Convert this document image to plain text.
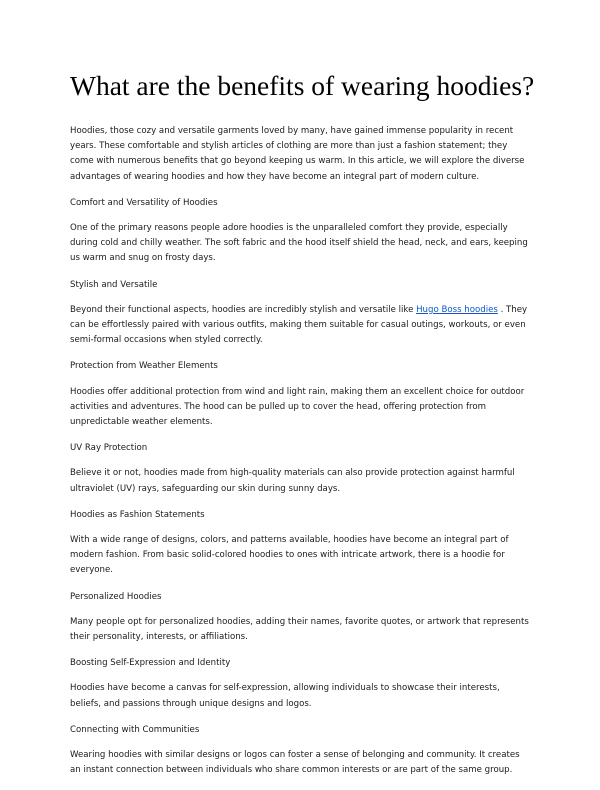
What are the benefits of wearing hoodies?

Hoodies, those cozy and versatile garments loved by many, have gained immense popularity in recent years. These comfortable and stylish articles of clothing are more than just a fashion statement; they come with numerous benefits that go beyond keeping us warm. In this article, we will explore the diverse advantages of wearing hoodies and how they have become an integral part of modern culture.

Comfort and Versatility of Hoodies

One of the primary reasons people adore hoodies is the unparalleled comfort they provide, especially during cold and chilly weather. The soft fabric and the hood itself shield the head, neck, and ears, keeping us warm and snug on frosty days.

Stylish and Versatile

Beyond their functional aspects, hoodies are incredibly stylish and versatile like Hugo Boss hoodies . They can be effortlessly paired with various outfits, making them suitable for casual outings, workouts, or even semi-formal occasions when styled correctly.

Protection from Weather Elements

Hoodies offer additional protection from wind and light rain, making them an excellent choice for outdoor activities and adventures. The hood can be pulled up to cover the head, offering protection from unpredictable weather elements.

UV Ray Protection

Believe it or not, hoodies made from high-quality materials can also provide protection against harmful ultraviolet (UV) rays, safeguarding our skin during sunny days.

Hoodies as Fashion Statements

With a wide range of designs, colors, and patterns available, hoodies have become an integral part of modern fashion. From basic solid-colored hoodies to ones with intricate artwork, there is a hoodie for everyone.

Personalized Hoodies

Many people opt for personalized hoodies, adding their names, favorite quotes, or artwork that represents their personality, interests, or affiliations.

Boosting Self-Expression and Identity

Hoodies have become a canvas for self-expression, allowing individuals to showcase their interests, beliefs, and passions through unique designs and logos.

Connecting with Communities

Wearing hoodies with similar designs or logos can foster a sense of belonging and community. It creates an instant connection between individuals who share common interests or are part of the same group.
